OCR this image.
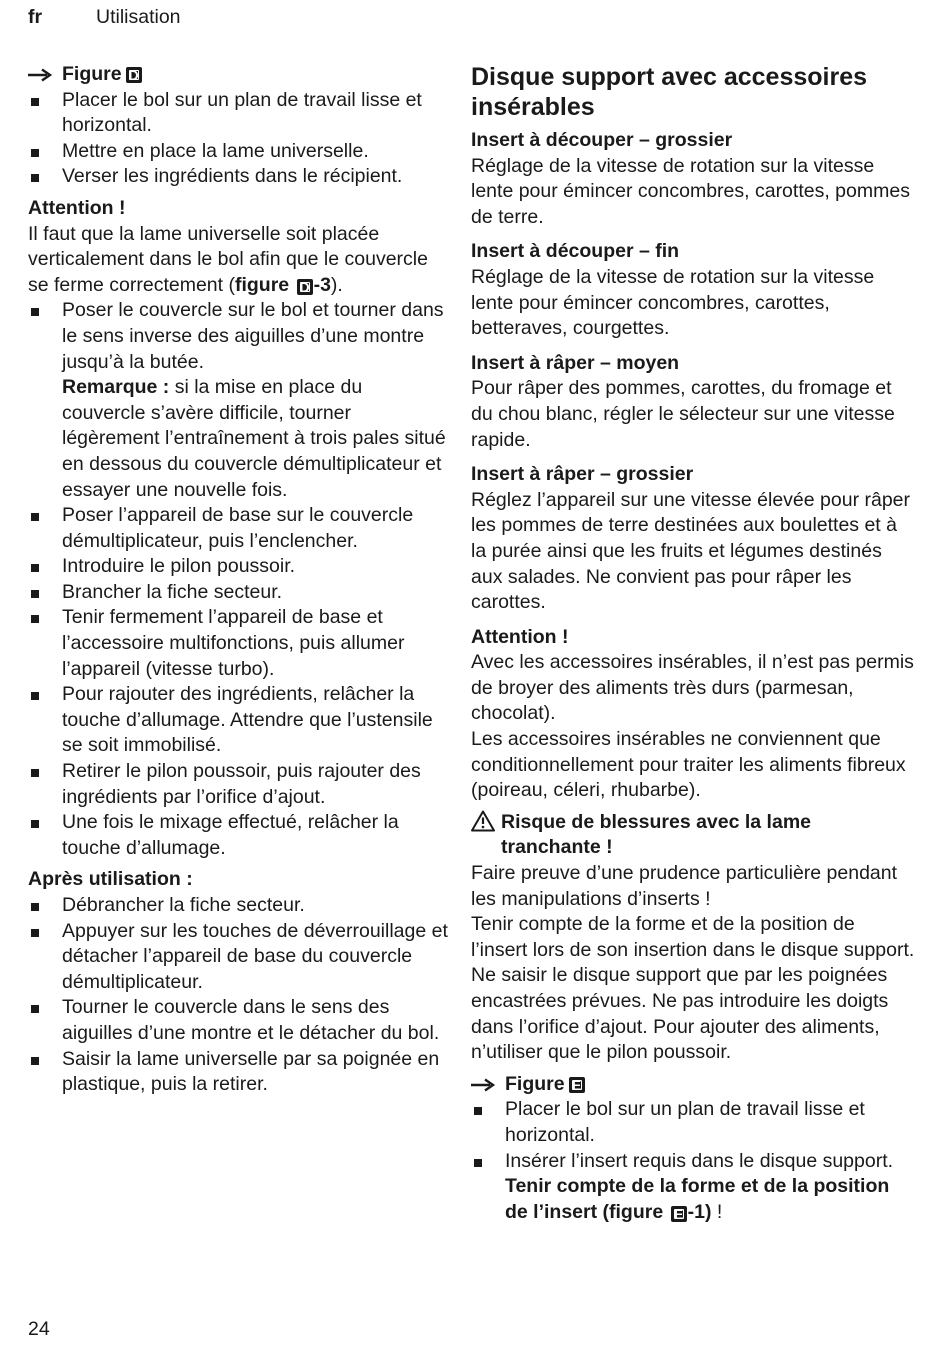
fr	Utilisation
Figure D
Placer le bol sur un plan de travail lisse et horizontal.
Mettre en place la lame universelle.
Verser les ingrédients dans le récipient.

Attention !

Il faut que la lame universelle soit placée verticalement dans le bol afin que le couvercle se ferme correctement (figure D -3).

Poser le couvercle sur le bol et tourner dans le sens inverse des aiguilles d’une montre jusqu’à la butée.
Remarque : si la mise en place du couvercle s’avère difficile, tourner légèrement l’entraînement à trois pales situé en dessous du couvercle démultiplicateur et essayer une nouvelle fois.
Poser l’appareil de base sur le couvercle démultiplicateur, puis l’enclencher.
Introduire le pilon poussoir.
Brancher la fiche secteur.
Tenir fermement l’appareil de base et l’accessoire multifonctions, puis allumer l’appareil (vitesse turbo).
Pour rajouter des ingrédients, relâcher la touche d’allumage. Attendre que l’ustensile se soit immobilisé.
Retirer le pilon poussoir, puis rajouter des ingrédients par l’orifice d’ajout.
Une fois le mixage effectué, relâcher la touche d’allumage.

Après utilisation :

Débrancher la fiche secteur.
Appuyer sur les touches de déverrouillage et détacher l’appareil de base du couvercle démultiplicateur.
Tourner le couvercle dans le sens des aiguilles d’une montre et le détacher du bol.
Saisir la lame universelle par sa poignée en plastique, puis la retirer.

Disque support avec accessoires insérables

Insert à découper – grossier

Réglage de la vitesse de rotation sur la vitesse lente pour émincer concombres, carottes, pommes de terre.

Insert à découper – fin

Réglage de la vitesse de rotation sur la vitesse lente pour émincer concombres, carottes, betteraves, courgettes.

Insert à râper – moyen

Pour râper des pommes, carottes, du fromage et du chou blanc, régler le sélecteur sur une vitesse rapide.

Insert à râper – grossier

Réglez l’appareil sur une vitesse élevée pour râper les pommes de terre destinées aux boulettes et à la purée ainsi que les fruits et légumes destinés aux salades. Ne convient pas pour râper les carottes.

Attention !

Avec les accessoires insérables, il n’est pas permis de broyer des aliments très durs (parmesan, chocolat).

Les accessoires insérables ne conviennent que conditionnellement pour traiter les aliments fibreux (poireau, céleri, rhubarbe).

Risque de blessures avec la lame tranchante !

Faire preuve d’une prudence particulière pendant les manipulations d’inserts !

Tenir compte de la forme et de la position de l’insert lors de son insertion dans le disque support. Ne saisir le disque support que par les poignées encastrées prévues. Ne pas introduire les doigts dans l’orifice d’ajout. Pour ajouter des aliments, n’utiliser que le pilon poussoir.

Figure E
Placer le bol sur un plan de travail lisse et horizontal.
Insérer l’insert requis dans le disque support. Tenir compte de la forme et de la position de l’insert (figure E -1) !
24
